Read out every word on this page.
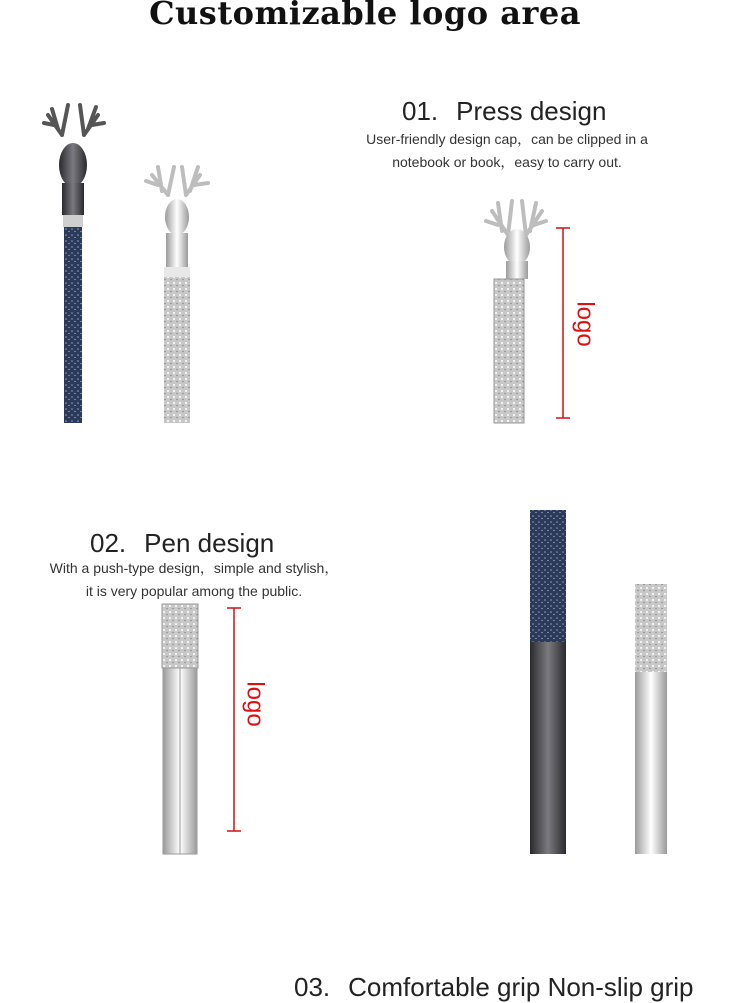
Customizable logo area
01. Press design
User-friendly design cap，can be clipped in a
notebook or book，easy to carry out.
logo
02. Pen design
With a push-type design，simple and stylish，
it is very popular among the public.
logo
03. Comfortable grip Non-slip grip
